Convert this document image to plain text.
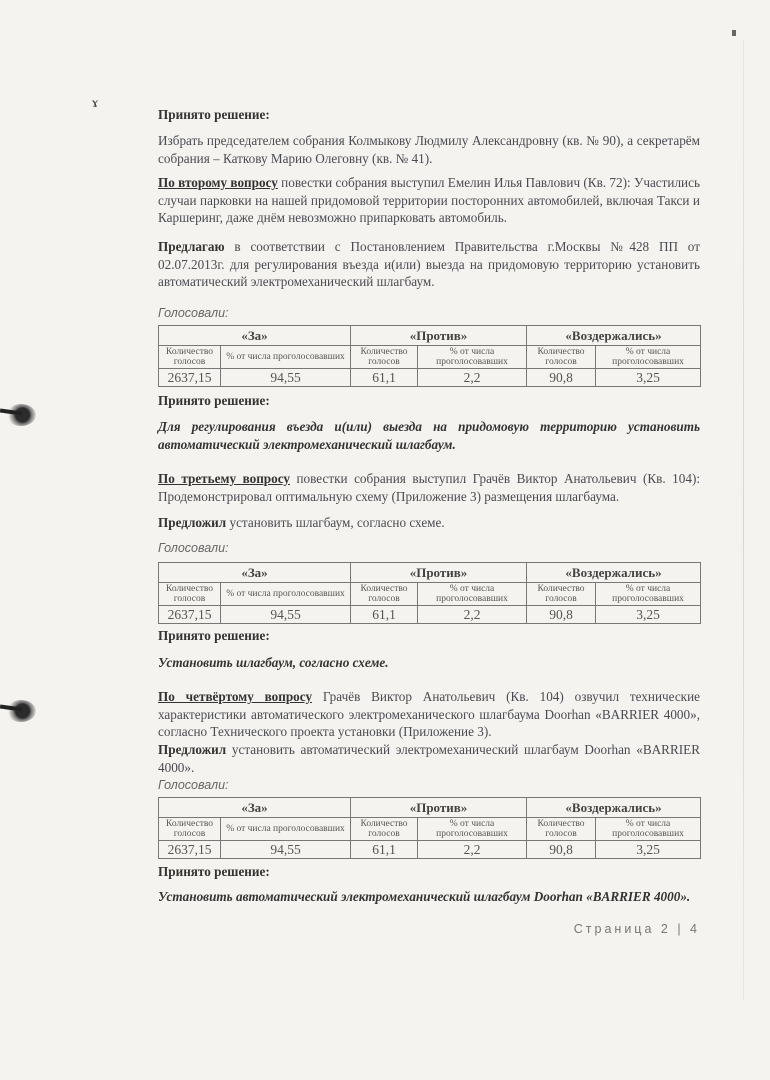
ɤ
Принято решение:
Избрать председателем собрания Колмыкову Людмилу Александровну (кв. № 90), а секретарём собрания – Каткову Марию Олеговну (кв. № 41).
По второму вопросу повестки собрания выступил Емелин Илья Павлович (Кв. 72): Участились случаи парковки на нашей придомовой территории посторонних автомобилей, включая Такси и Каршеринг, даже днём невозможно припарковать автомобиль.
Предлагаю в соответствии с Постановлением Правительства г.Москвы №428 ПП от 02.07.2013г. для регулирования въезда и(или) выезда на придомовую территорию установить автоматический электромеханический шлагбаум.
Голосовали:
«За»		«Против»		«Воздержались»	
Количество голосов	% от числа проголосовавших	Количество голосов	% от числа проголосовавших	Количество голосов	% от числа проголосовавших
2637,15	94,55	61,1	2,2	90,8	3,25
Принято решение:
Для регулирования въезда и(или) выезда на придомовую территорию установить автоматический электромеханический шлагбаум.
По третьему вопросу повестки собрания выступил Грачёв Виктор Анатольевич (Кв. 104): Продемонстрировал оптимальную схему (Приложение 3) размещения шлагбаума.
Предложил установить шлагбаум, согласно схеме.
Голосовали:
«За»		«Против»		«Воздержались»	
Количество голосов	% от числа проголосовавших	Количество голосов	% от числа проголосовавших	Количество голосов	% от числа проголосовавших
2637,15	94,55	61,1	2,2	90,8	3,25
Принято решение:
Установить шлагбаум, согласно схеме.
По четвёртому вопросу Грачёв Виктор Анатольевич (Кв. 104) озвучил технические характеристики автоматического электромеханического шлагбаума Doorhan «BARRIER 4000», согласно Технического проекта установки (Приложение 3).
Предложил установить автоматический электромеханический шлагбаум Doorhan «BARRIER 4000».
Голосовали:
«За»		«Против»		«Воздержались»	
Количество голосов	% от числа проголосовавших	Количество голосов	% от числа проголосовавших	Количество голосов	% от числа проголосовавших
2637,15	94,55	61,1	2,2	90,8	3,25
Принято решение:
Установить автоматический электромеханический шлагбаум Doorhan «BARRIER 4000».
Страница 2 | 4
